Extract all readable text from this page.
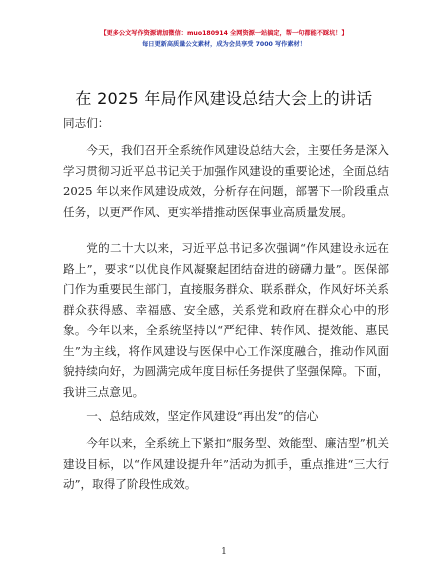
【更多公文写作资源请加微信：muo180914 全网资源一站搞定，帮一句都能不踩坑！】
每日更新高质量公文素材，成为会员享受 7000 写作素材！
在 2025 年局作风建设总结大会上的讲话

同志们：

今天，我们召开全系统作风建设总结大会，主要任务是深入学习贯彻习近平总书记关于加强作风建设的重要论述，全面总结 2025 年以来作风建设成效，分析存在问题，部署下一阶段重点任务，以更严作风、更实举措推动医保事业高质量发展。

党的二十大以来，习近平总书记多次强调“作风建设永远在路上”，要求“以优良作风凝聚起团结奋进的磅礴力量”。医保部门作为重要民生部门，直接服务群众、联系群众，作风好坏关系群众获得感、幸福感、安全感，关系党和政府在群众心中的形象。今年以来，全系统坚持以“严纪律、转作风、提效能、惠民生”为主线，将作风建设与医保中心工作深度融合，推动作风面貌持续向好，为圆满完成年度目标任务提供了坚强保障。下面，我讲三点意见。

一、总结成效，坚定作风建设“再出发”的信心

今年以来，全系统上下紧扣“服务型、效能型、廉洁型”机关建设目标，以“作风建设提升年”活动为抓手，重点推进“三大行动”，取得了阶段性成效。

1
